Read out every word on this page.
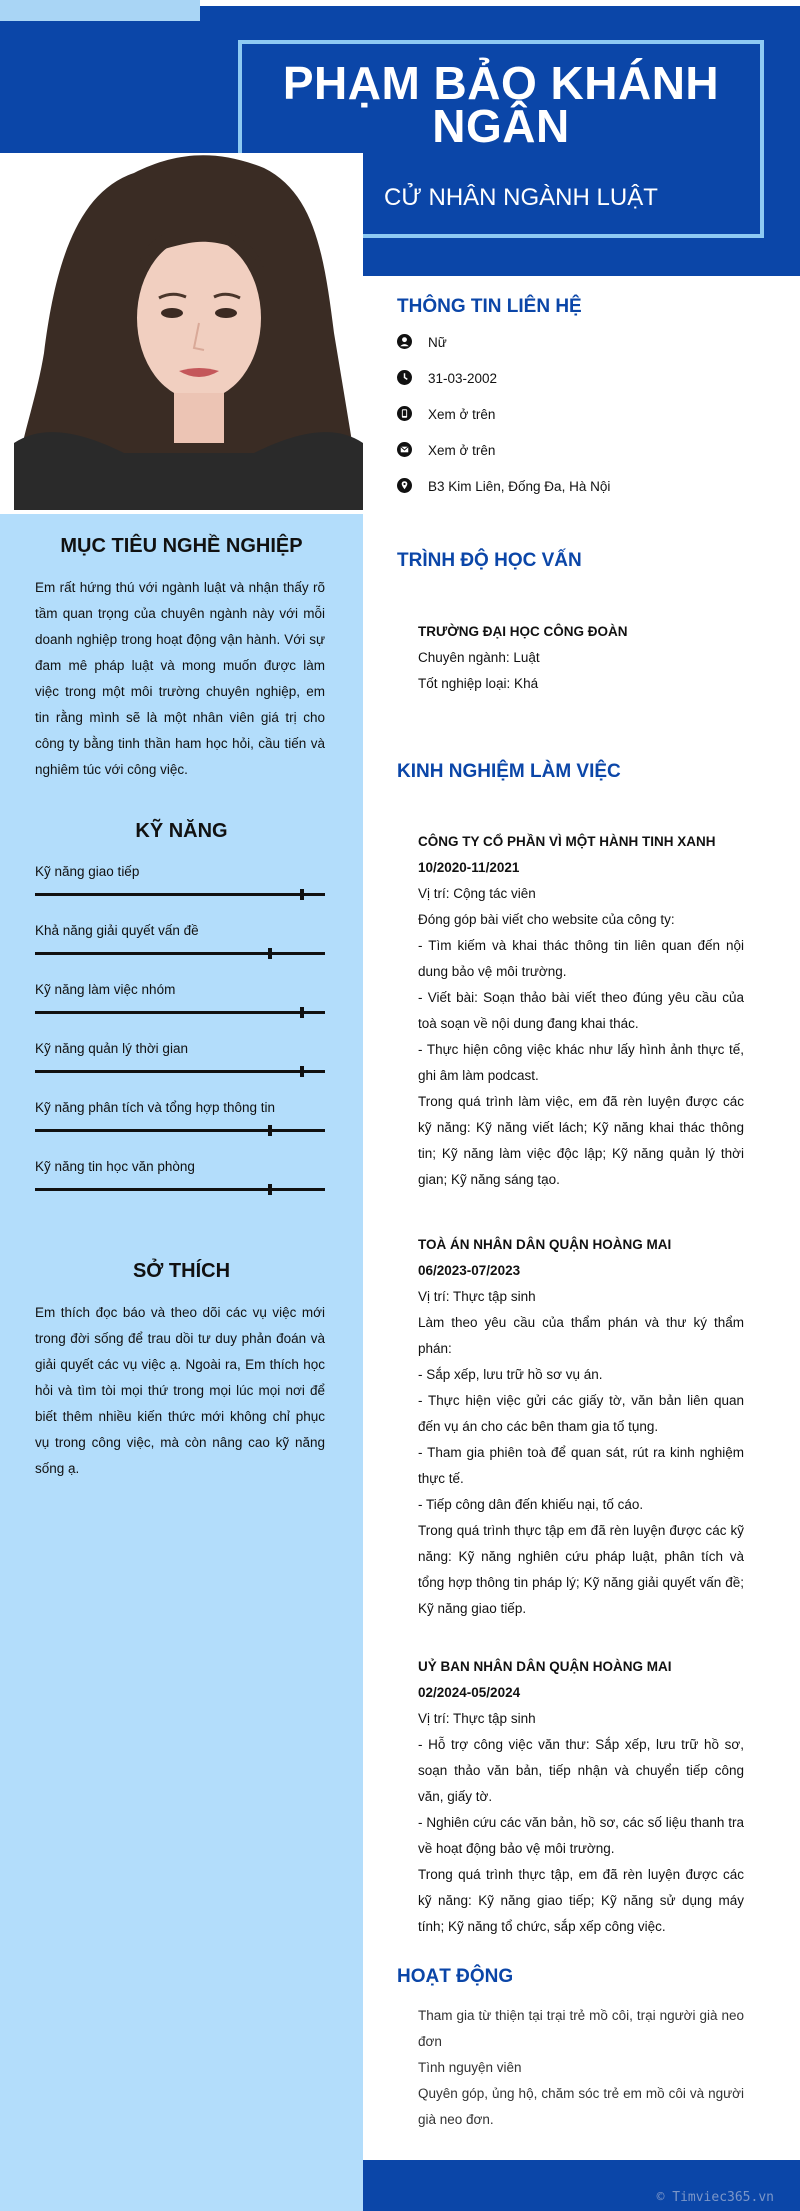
PHẠM BẢO KHÁNH
NGÂN
CỬ NHÂN NGÀNH LUẬT
MỤC TIÊU NGHỀ NGHIỆP
Em rất hứng thú với ngành luật và nhận thấy rõ tầm quan trọng của chuyên ngành này với mỗi doanh nghiệp trong hoạt động vận hành. Với sự đam mê pháp luật và mong muốn được làm việc trong một môi trường chuyên nghiệp, em tin rằng mình sẽ là một nhân viên giá trị cho công ty bằng tinh thần ham học hỏi, cầu tiến và nghiêm túc với công việc.
KỸ NĂNG
Kỹ năng giao tiếp
Khả năng giải quyết vấn đề
Kỹ năng làm việc nhóm
Kỹ năng quản lý thời gian
Kỹ năng phân tích và tổng hợp thông tin
Kỹ năng tin học văn phòng
SỞ THÍCH
Em thích đọc báo và theo dõi các vụ việc mới trong đời sống để trau dồi tư duy phản đoán và giải quyết các vụ việc ạ. Ngoài ra, Em thích học hỏi và tìm tòi mọi thứ trong mọi lúc mọi nơi để biết thêm nhiều kiến thức mới không chỉ phục vụ trong công việc, mà còn nâng cao kỹ năng sống ạ.
THÔNG TIN LIÊN HỆ
Nữ
31-03-2002
Xem ở trên
Xem ở trên
B3 Kim Liên, Đống Đa, Hà Nội
TRÌNH ĐỘ HỌC VẤN
TRƯỜNG ĐẠI HỌC CÔNG ĐOÀN
Chuyên ngành: Luật
Tốt nghiệp loại: Khá
KINH NGHIỆM LÀM VIỆC
CÔNG TY CỔ PHẦN VÌ MỘT HÀNH TINH XANH
10/2020-11/2021
Vị trí: Cộng tác viên
Đóng góp bài viết cho website của công ty:
- Tìm kiếm và khai thác thông tin liên quan đến nội dung bảo vệ môi trường.
- Viết bài: Soạn thảo bài viết theo đúng yêu cầu của toà soạn về nội dung đang khai thác.
- Thực hiện công việc khác như lấy hình ảnh thực tế, ghi âm làm podcast.
Trong quá trình làm việc, em đã rèn luyện được các kỹ năng: Kỹ năng viết lách; Kỹ năng khai thác thông tin; Kỹ năng làm việc độc lập; Kỹ năng quản lý thời gian; Kỹ năng sáng tạo.
TOÀ ÁN NHÂN DÂN QUẬN HOÀNG MAI
06/2023-07/2023
Vị trí: Thực tập sinh
Làm theo yêu cầu của thẩm phán và thư ký thẩm phán:
- Sắp xếp, lưu trữ hồ sơ vụ án.
- Thực hiện việc gửi các giấy tờ, văn bản liên quan đến vụ án cho các bên tham gia tố tụng.
- Tham gia phiên toà để quan sát, rút ra kinh nghiệm thực tế.
- Tiếp công dân đến khiếu nại, tố cáo.
Trong quá trình thực tập em đã rèn luyện được các kỹ năng: Kỹ năng nghiên cứu pháp luật, phân tích và tổng hợp thông tin pháp lý; Kỹ năng giải quyết vấn đề; Kỹ năng giao tiếp.
UỶ BAN NHÂN DÂN QUẬN HOÀNG MAI
02/2024-05/2024
Vị trí: Thực tập sinh
- Hỗ trợ công việc văn thư: Sắp xếp, lưu trữ hồ sơ, soạn thảo văn bản, tiếp nhận và chuyển tiếp công văn, giấy tờ.
- Nghiên cứu các văn bản, hồ sơ, các số liệu thanh tra về hoạt động bảo vệ môi trường.
Trong quá trình thực tập, em đã rèn luyện được các kỹ năng: Kỹ năng giao tiếp; Kỹ năng sử dụng máy tính; Kỹ năng tổ chức, sắp xếp công việc.
HOẠT ĐỘNG
Tham gia từ thiện tại trại trẻ mồ côi, trại người già neo đơn
Tình nguyện viên
Quyên góp, ủng hộ, chăm sóc trẻ em mồ côi và người già neo đơn.
© Timviec365.vn
